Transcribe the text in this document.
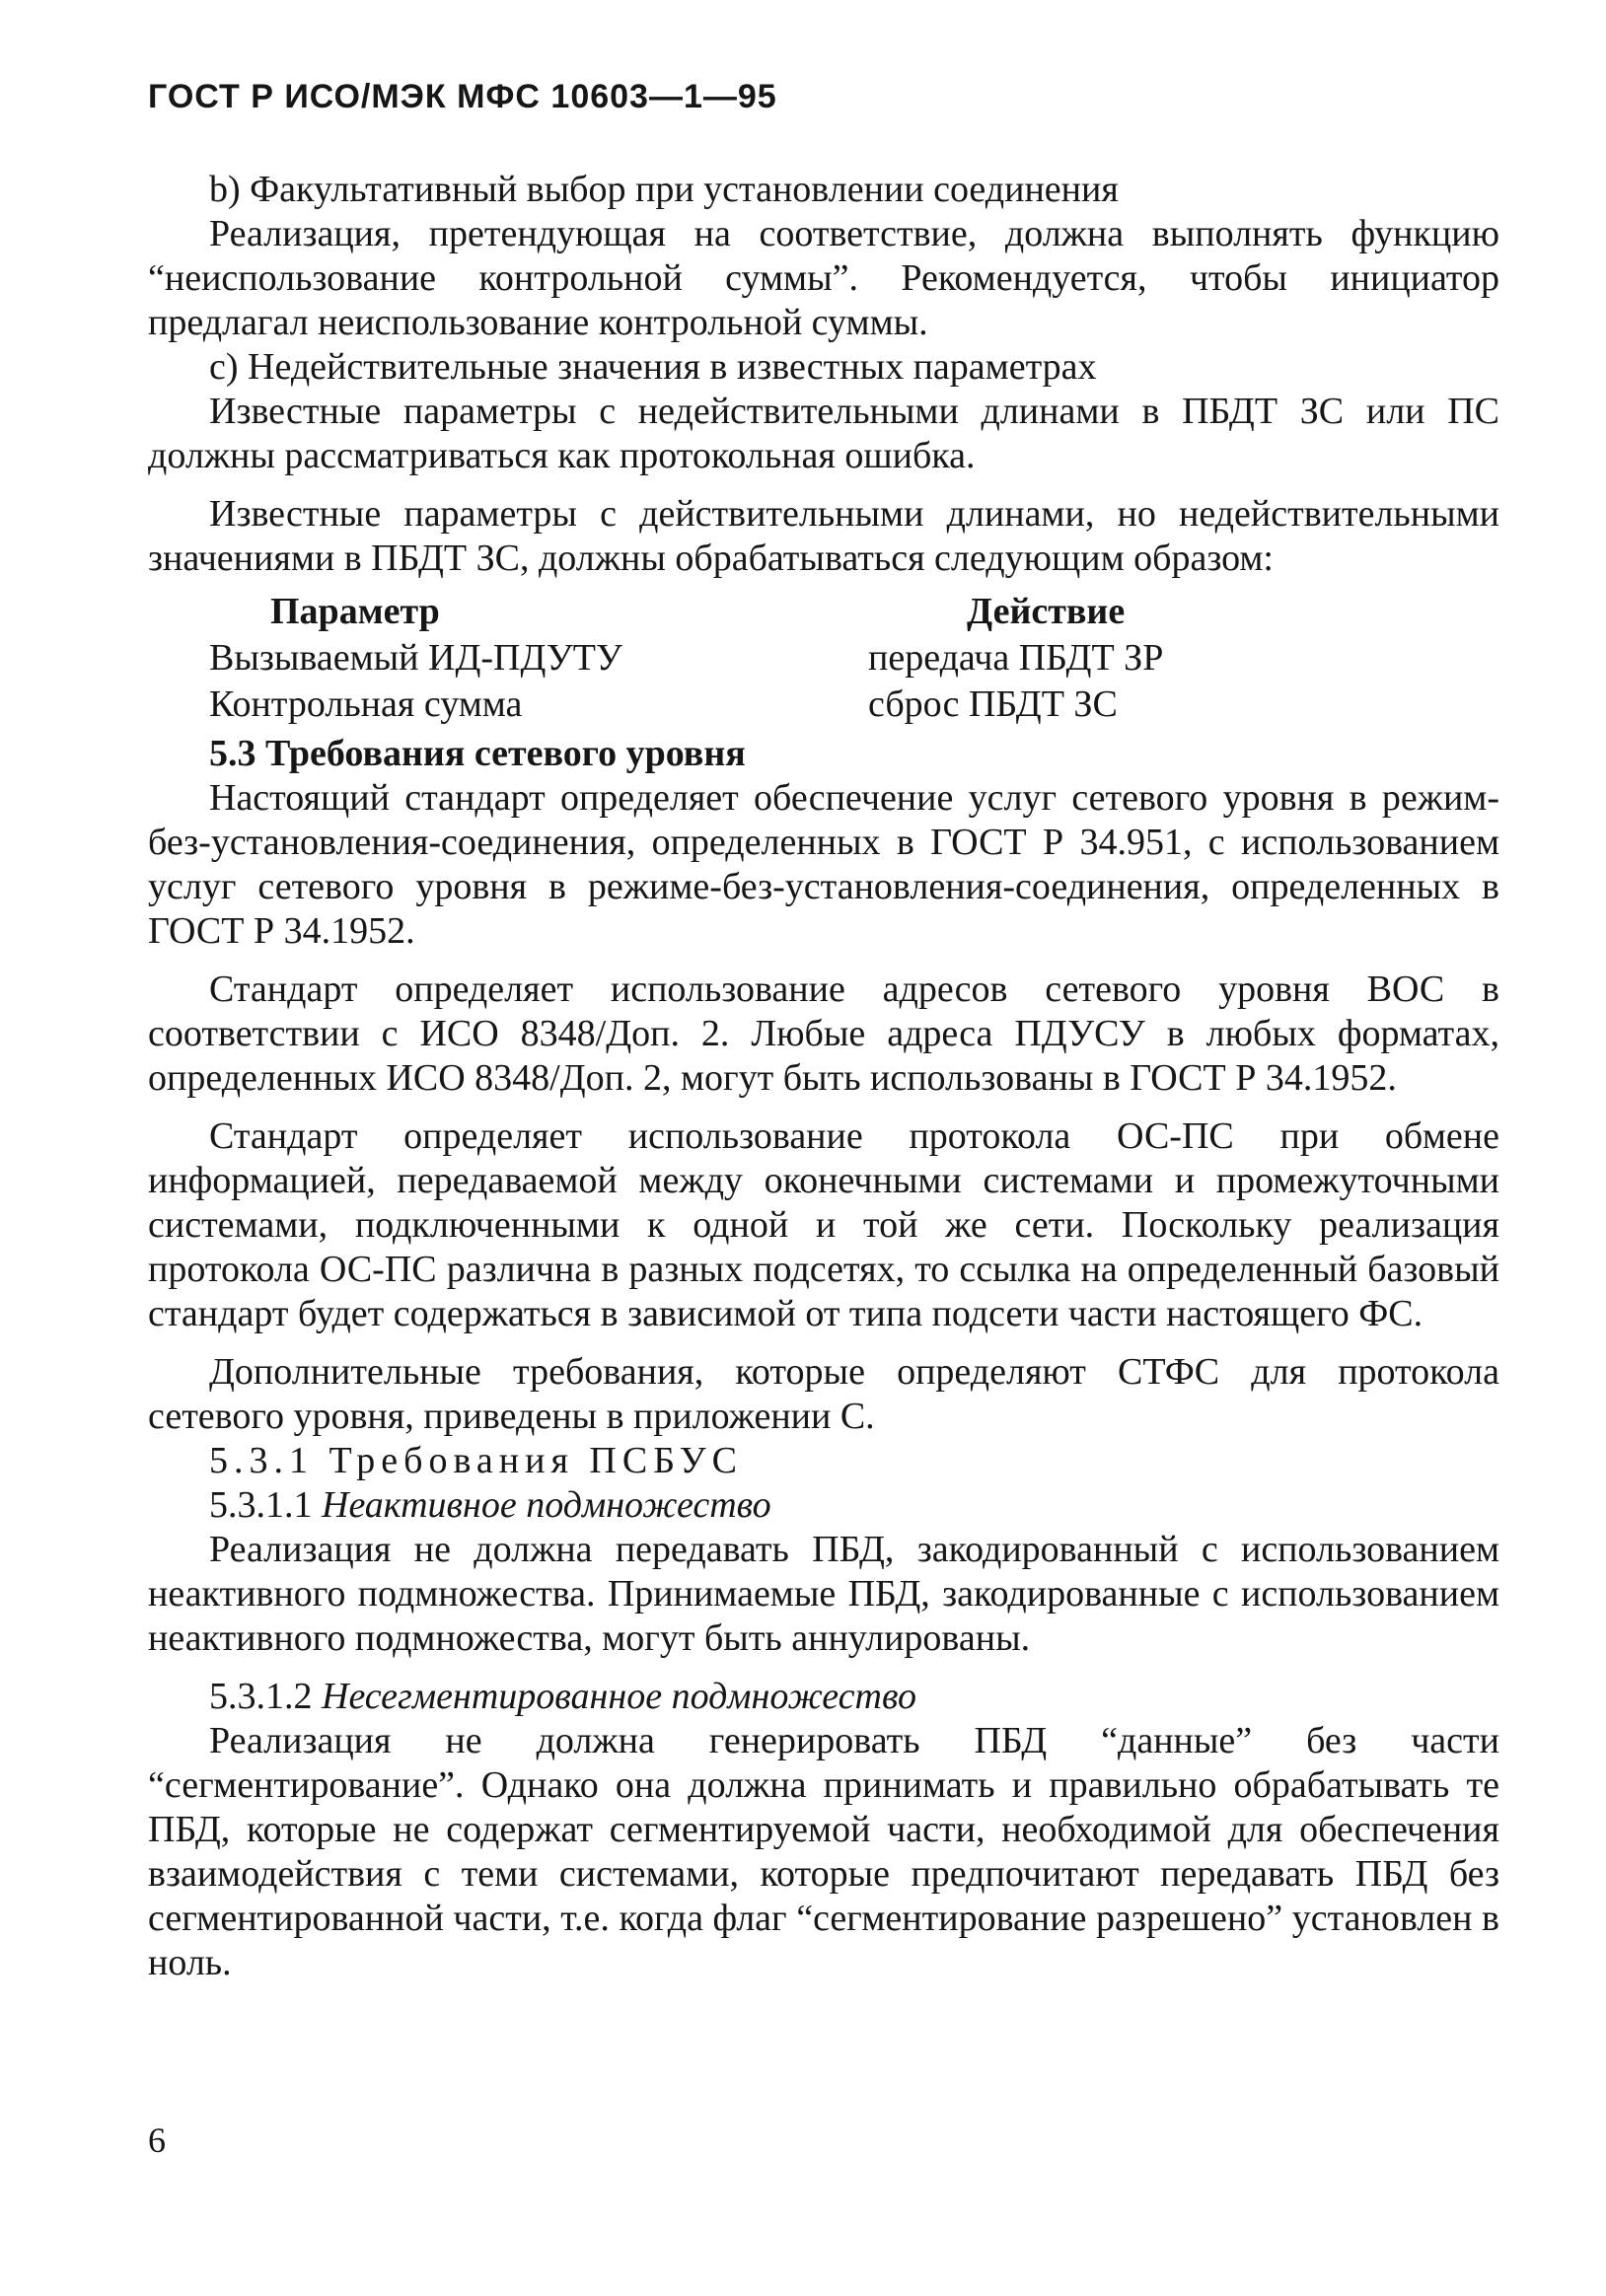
ГОСТ Р ИСО/МЭК МФС 10603—1—95

b) Факультативный выбор при установлении соединения

Реализация, претендующая на соответствие, должна выполнять функцию “неиспользование контрольной суммы”. Рекомендуется, чтобы инициатор предлагал неиспользование контрольной суммы.

c) Недействительные значения в известных параметрах

Известные параметры с недействительными длинами в ПБДТ ЗС или ПС должны рассматриваться как протокольная ошибка.

Известные параметры с действительными длинами, но недействительными значениями в ПБДТ ЗС, должны обрабатываться следующим образом:

Параметр	Действие
Вызываемый ИД-ПДУТУ	передача ПБДТ ЗР
Контрольная сумма	сброс ПБДТ ЗС

5.3 Требования сетевого уровня

Настоящий стандарт определяет обеспечение услуг сетевого уровня в режим-без-установления-соединения, определенных в ГОСТ Р 34.951, с использованием услуг сетевого уровня в режиме-без-установления-соединения, определенных в ГОСТ Р 34.1952.

Стандарт определяет использование адресов сетевого уровня ВОС в соответствии с ИСО 8348/Доп. 2. Любые адреса ПДУСУ в любых форматах, определенных ИСО 8348/Доп. 2, могут быть использованы в ГОСТ Р 34.1952.

Стандарт определяет использование протокола ОС-ПС при обмене информацией, передаваемой между оконечными системами и промежуточными системами, подключенными к одной и той же сети. Поскольку реализация протокола ОС-ПС различна в разных подсетях, то ссылка на определенный базовый стандарт будет содержаться в зависимой от типа подсети части настоящего ФС.

Дополнительные требования, которые определяют СТФС для протокола сетевого уровня, приведены в приложении С.

5.3.1 Требования ПСБУС

5.3.1.1 Неактивное подмножество

Реализация не должна передавать ПБД, закодированный с использованием неактивного подмножества. Принимаемые ПБД, закодированные с использованием неактивного подмножества, могут быть аннулированы.

5.3.1.2 Несегментированное подмножество

Реализация не должна генерировать ПБД “данные” без части “сегментирование”. Однако она должна принимать и правильно обрабатывать те ПБД, которые не содержат сегментируемой части, необходимой для обеспечения взаимодействия с теми системами, которые предпочитают передавать ПБД без сегментированной части, т.е. когда флаг “сегментирование разрешено” установлен в ноль.

6
